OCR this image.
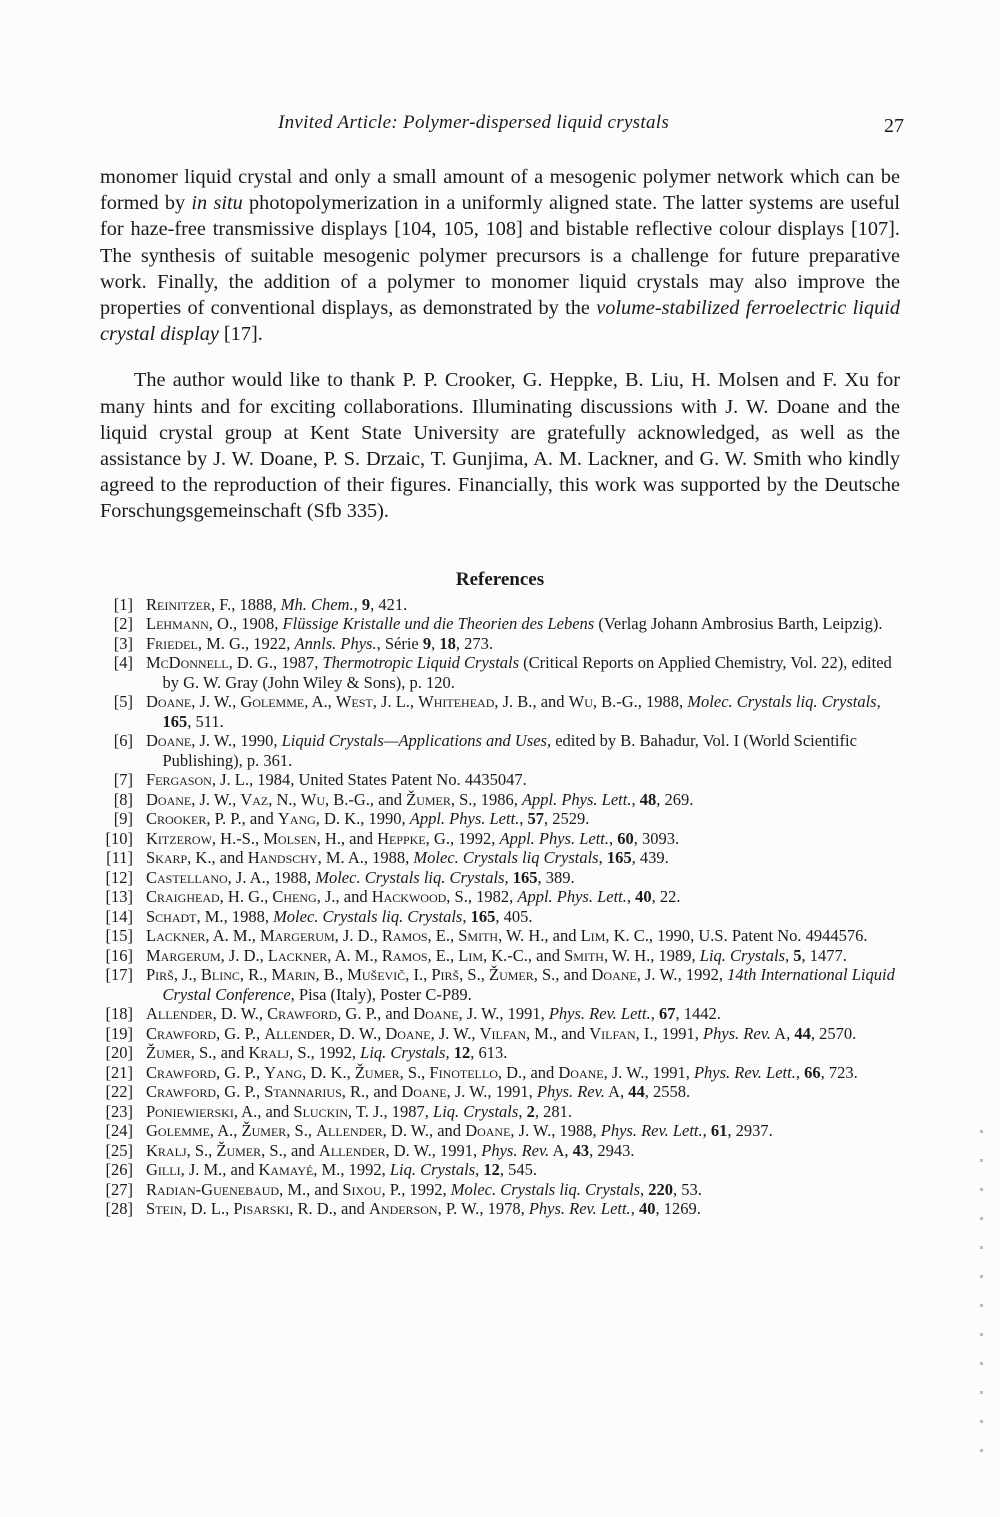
Invited Article: Polymer-dispersed liquid crystals	27

monomer liquid crystal and only a small amount of a mesogenic polymer network which can be formed by in situ photopolymerization in a uniformly aligned state. The latter systems are useful for haze-free transmissive displays [104, 105, 108] and bistable reflective colour displays [107]. The synthesis of suitable mesogenic polymer precursors is a challenge for future preparative work. Finally, the addition of a polymer to monomer liquid crystals may also improve the properties of conventional displays, as demonstrated by the volume-stabilized ferroelectric liquid crystal display [17].

The author would like to thank P. P. Crooker, G. Heppke, B. Liu, H. Molsen and F. Xu for many hints and for exciting collaborations. Illuminating discussions with J. W. Doane and the liquid crystal group at Kent State University are gratefully acknowledged, as well as the assistance by J. W. Doane, P. S. Drzaic, T. Gunjima, A. M. Lackner, and G. W. Smith who kindly agreed to the reproduction of their figures. Financially, this work was supported by the Deutsche Forschungsgemeinschaft (Sfb 335).

References
[1] Reinitzer, F., 1888, Mh. Chem., 9, 421.
[2] Lehmann, O., 1908, Flüssige Kristalle und die Theorien des Lebens (Verlag Johann Ambrosius Barth, Leipzig).
[3] Friedel, M. G., 1922, Annls. Phys., Série 9, 18, 273.
[4] McDonnell, D. G., 1987, Thermotropic Liquid Crystals (Critical Reports on Applied Chemistry, Vol. 22), edited by G. W. Gray (John Wiley & Sons), p. 120.
[5] Doane, J. W., Golemme, A., West, J. L., Whitehead, J. B., and Wu, B.-G., 1988, Molec. Crystals liq. Crystals, 165, 511.
[6] Doane, J. W., 1990, Liquid Crystals—Applications and Uses, edited by B. Bahadur, Vol. I (World Scientific Publishing), p. 361.
[7] Fergason, J. L., 1984, United States Patent No. 4435047.
[8] Doane, J. W., Vaz, N., Wu, B.-G., and Žumer, S., 1986, Appl. Phys. Lett., 48, 269.
[9] Crooker, P. P., and Yang, D. K., 1990, Appl. Phys. Lett., 57, 2529.
[10] Kitzerow, H.-S., Molsen, H., and Heppke, G., 1992, Appl. Phys. Lett., 60, 3093.
[11] Skarp, K., and Handschy, M. A., 1988, Molec. Crystals liq Crystals, 165, 439.
[12] Castellano, J. A., 1988, Molec. Crystals liq. Crystals, 165, 389.
[13] Craighead, H. G., Cheng, J., and Hackwood, S., 1982, Appl. Phys. Lett., 40, 22.
[14] Schadt, M., 1988, Molec. Crystals liq. Crystals, 165, 405.
[15] Lackner, A. M., Margerum, J. D., Ramos, E., Smith, W. H., and Lim, K. C., 1990, U.S. Patent No. 4944576.
[16] Margerum, J. D., Lackner, A. M., Ramos, E., Lim, K.-C., and Smith, W. H., 1989, Liq. Crystals, 5, 1477.
[17] Pirš, J., Blinc, R., Marin, B., Muševič, I., Pirš, S., Žumer, S., and Doane, J. W., 1992, 14th International Liquid Crystal Conference, Pisa (Italy), Poster C-P89.
[18] Allender, D. W., Crawford, G. P., and Doane, J. W., 1991, Phys. Rev. Lett., 67, 1442.
[19] Crawford, G. P., Allender, D. W., Doane, J. W., Vilfan, M., and Vilfan, I., 1991, Phys. Rev. A, 44, 2570.
[20] Žumer, S., and Kralj, S., 1992, Liq. Crystals, 12, 613.
[21] Crawford, G. P., Yang, D. K., Žumer, S., Finotello, D., and Doane, J. W., 1991, Phys. Rev. Lett., 66, 723.
[22] Crawford, G. P., Stannarius, R., and Doane, J. W., 1991, Phys. Rev. A, 44, 2558.
[23] Poniewierski, A., and Sluckin, T. J., 1987, Liq. Crystals, 2, 281.
[24] Golemme, A., Žumer, S., Allender, D. W., and Doane, J. W., 1988, Phys. Rev. Lett., 61, 2937.
[25] Kralj, S., Žumer, S., and Allender, D. W., 1991, Phys. Rev. A, 43, 2943.
[26] Gilli, J. M., and Kamayé, M., 1992, Liq. Crystals, 12, 545.
[27] Radian-Guenebaud, M., and Sixou, P., 1992, Molec. Crystals liq. Crystals, 220, 53.
[28] Stein, D. L., Pisarski, R. D., and Anderson, P. W., 1978, Phys. Rev. Lett., 40, 1269.
